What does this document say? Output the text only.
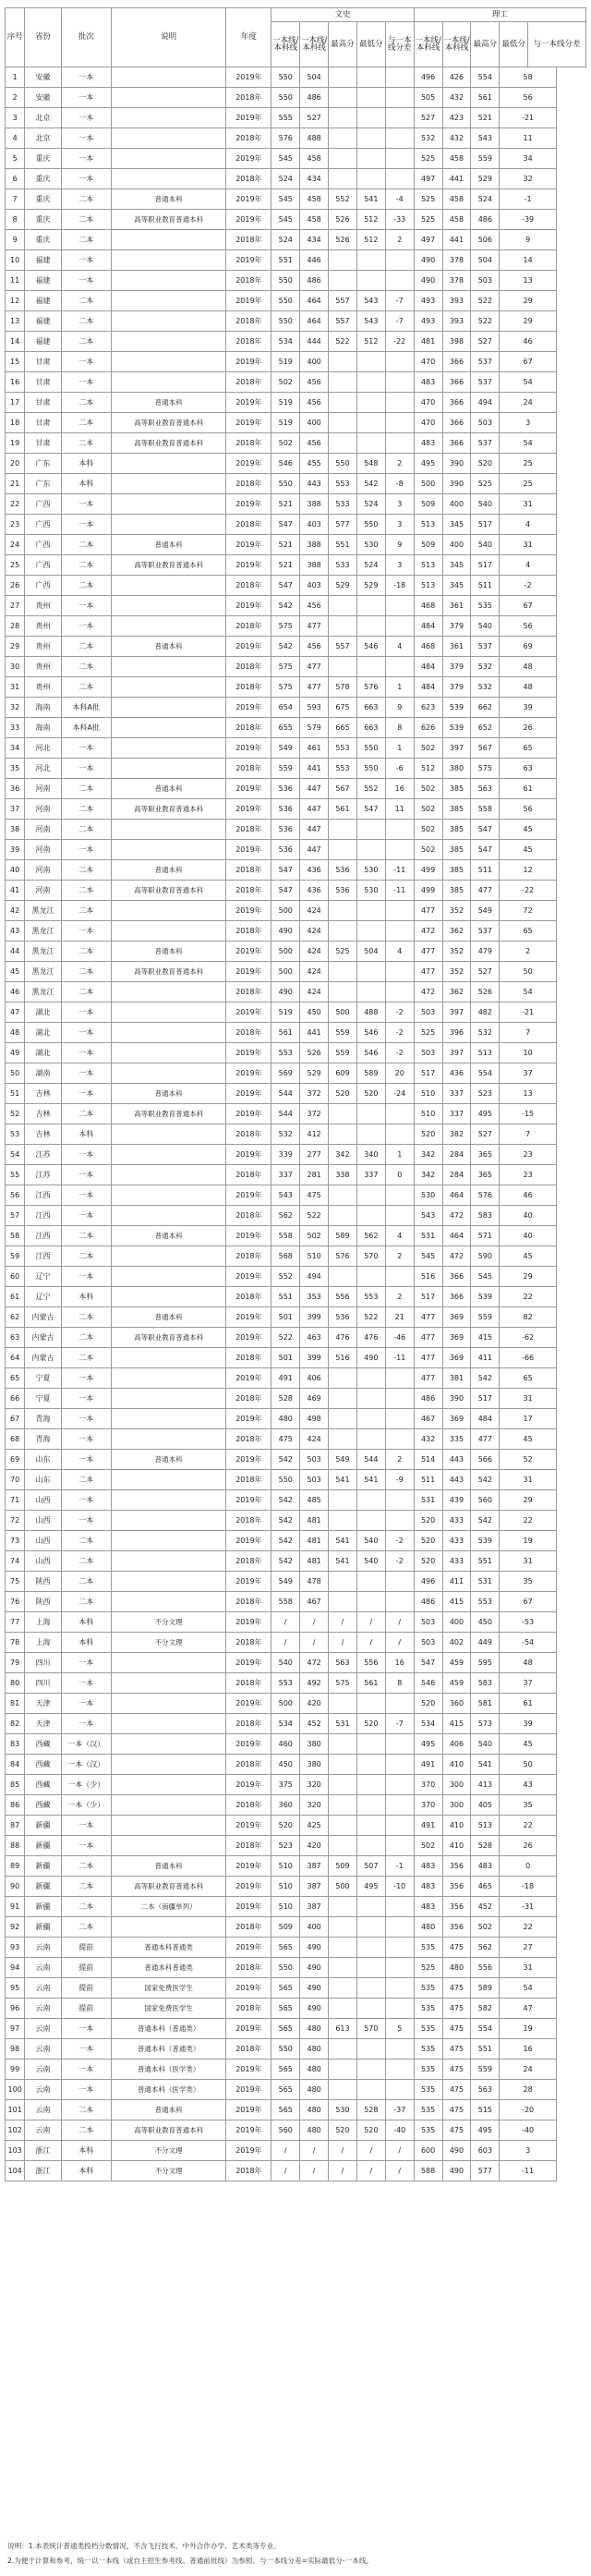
序号	省份	批次	说明	年度	文史					理工				
					一本线/本科线	一本线/本科线	最高分	最低分	与一本线分差	一本线/本科线	一本线/本科线	最高分	最低分	与一本线分差
1	安徽	一本		2019年	550	504				496	426	554	58	
2	安徽	一本		2018年	550	486				505	432	561	56	
3	北京	一本		2019年	555	527				527	423	521	-21	
4	北京	一本		2018年	576	488				532	432	543	11	
5	重庆	一本		2019年	545	458				525	458	559	34	
6	重庆	一本		2018年	524	434				497	441	529	32	
7	重庆	二本	普通本科	2019年	545	458	552	541	-4	525	458	524	-1	
8	重庆	二本	高等职业教育普通本科	2019年	545	458	526	512	-33	525	458	486	-39	
9	重庆	二本		2018年	524	434	526	512	2	497	441	506	9	
10	福建	一本		2019年	551	446				490	378	504	14	
11	福建	一本		2018年	550	486				490	378	503	13	
12	福建	二本		2019年	550	464	557	543	-7	493	393	522	29	
13	福建	二本		2018年	550	464	557	543	-7	493	393	522	29	
14	福建	二本		2018年	534	444	522	512	-22	481	398	527	46	
15	甘肃	一本		2019年	519	400				470	366	537	67	
16	甘肃	一本		2018年	502	456				483	366	537	54	
17	甘肃	二本	普通本科	2019年	519	456				470	366	494	24	
18	甘肃	二本	高等职业教育普通本科	2019年	519	400				470	366	503	3	
19	甘肃	二本	高等职业教育普通本科	2018年	502	456				483	366	537	54	
20	广东	本科		2019年	546	455	550	548	2	495	390	520	25	
21	广东	本科		2018年	550	443	553	542	-8	500	390	525	25	
22	广西	一本		2019年	521	388	533	524	3	509	400	540	31	
23	广西	一本		2018年	547	403	577	550	3	513	345	517	4	
24	广西	二本	普通本科	2019年	521	388	551	530	9	509	400	540	31	
25	广西	二本	高等职业教育普通本科	2019年	521	388	533	524	3	513	345	517	4	
26	广西	二本		2018年	547	403	529	529	-18	513	345	511	-2	
27	贵州	一本		2019年	542	456				468	361	535	67	
28	贵州	一本		2018年	575	477				484	379	540	56	
29	贵州	二本	普通本科	2019年	542	456	557	546	4	468	361	537	69	
30	贵州	二本		2018年	575	477				484	379	532	48	
31	贵州	二本		2018年	575	477	578	576	1	484	379	532	48	
32	海南	本科A批		2019年	654	593	675	663	9	623	539	662	39	
33	海南	本科A批		2018年	655	579	665	663	8	626	539	652	26	
34	河北	一本		2019年	549	461	553	550	1	502	397	567	65	
35	河北	一本		2018年	559	441	553	550	-6	512	380	575	63	
36	河南	二本	普通本科	2019年	536	447	567	552	16	502	385	563	61	
37	河南	二本	高等职业教育普通本科	2019年	536	447	561	547	11	502	385	558	56	
38	河南	二本		2018年	536	447				502	385	547	45	
39	河南	一本		2019年	536	447				502	385	547	45	
40	河南	二本	普通本科	2018年	547	436	536	530	-11	499	385	511	12	
41	河南	二本	高等职业教育普通本科	2018年	547	436	536	530	-11	499	385	477	-22	
42	黑龙江	二本		2019年	500	424				477	352	549	72	
43	黑龙江	一本		2018年	490	424				472	362	537	65	
44	黑龙江	二本	普通本科	2019年	500	424	525	504	4	477	352	479	2	
45	黑龙江	二本	高等职业教育普通本科	2019年	500	424				477	352	527	50	
46	黑龙江	二本		2018年	490	424				472	362	526	54	
47	湖北	一本		2019年	519	450	500	488	-2	503	397	482	-21	
48	湖北	一本		2018年	561	441	559	546	-2	525	396	532	7	
49	湖北	一本		2019年	553	526	559	546	-2	503	397	513	10	
50	湖南	一本		2019年	569	529	609	589	20	517	436	554	37	
51	吉林	一本	普通本科	2019年	544	372	520	520	-24	510	337	523	13	
52	吉林	二本	高等职业教育普通本科	2019年	544	372				510	337	495	-15	
53	吉林	本科		2018年	532	412				520	382	527	7	
54	江苏	一本		2019年	339	277	342	340	1	342	284	365	23	
55	江苏	一本		2018年	337	281	338	337	0	342	284	365	23	
56	江西	一本		2019年	543	475				530	464	576	46	
57	江西	一本		2018年	562	522				543	472	583	40	
58	江西	二本	普通本科	2019年	558	502	589	562	4	531	464	571	40	
59	江西	二本		2018年	568	510	576	570	2	545	472	590	45	
60	辽宁	一本		2019年	552	494				516	366	545	29	
61	辽宁	本科		2018年	551	353	556	553	2	517	366	539	22	
62	内蒙古	二本	普通本科	2019年	501	399	536	522	21	477	369	559	82	
63	内蒙古	二本	高等职业教育普通本科	2019年	522	463	476	476	-46	477	369	415	-62	
64	内蒙古	二本		2018年	501	399	516	490	-11	477	369	411	-66	
65	宁夏	一本		2019年	491	406				477	381	542	65	
66	宁夏	一本		2018年	528	469				486	390	517	31	
67	青海	一本		2019年	480	498				467	369	484	17	
68	青海	一本		2018年	475	424				432	335	477	45	
69	山东	一本	普通本科	2019年	542	503	549	544	2	514	443	566	52	
70	山东	二本		2018年	550	503	541	541	-9	511	443	542	31	
71	山西	一本		2019年	542	485				531	439	560	29	
72	山西	一本		2018年	542	481				520	433	542	22	
73	山西	二本		2019年	542	481	541	540	-2	520	433	539	19	
74	山西	二本		2018年	542	481	541	540	-2	520	433	551	31	
75	陕西	二本		2019年	549	478				496	411	531	35	
76	陕西	二本		2018年	558	467				486	415	553	67	
77	上海	本科	不分文理	2019年	/	/	/	/	/	503	400	450	-53	
78	上海	本科	不分文理	2018年	/	/	/	/	/	503	402	449	-54	
79	四川	一本		2019年	540	472	563	556	16	547	459	595	48	
80	四川	一本		2018年	553	492	575	561	8	546	459	583	37	
81	天津	一本		2019年	500	420				520	360	581	61	
82	天津	一本		2018年	534	452	531	520	-7	534	415	573	39	
83	西藏	一本（汉）		2019年	460	380				495	406	540	45	
84	西藏	一本（汉）		2018年	450	380				491	410	541	50	
85	西藏	一本（少）		2019年	375	320				370	300	413	43	
86	西藏	一本（少）		2018年	360	320				370	300	405	35	
87	新疆	一本		2019年	520	425				491	410	513	22	
88	新疆	一本		2018年	523	420				502	410	528	26	
89	新疆	二本	普通本科	2019年	510	387	509	507	-1	483	356	483	0	
90	新疆	二本	高等职业教育普通本科	2019年	510	387	500	495	-10	483	356	465	-18	
91	新疆	二本	二本（南疆单列）	2019年	510	387				483	356	452	-31	
92	新疆	二本		2018年	509	400				480	356	502	22	
93	云南	提前	普通本科普通类	2019年	565	490				535	475	562	27	
94	云南	提前	普通本科普通类	2018年	550	490				525	480	556	31	
95	云南	提前	国家免费医学生	2019年	565	490				535	475	589	54	
96	云南	提前	国家免费医学生	2018年	565	490				535	475	582	47	
97	云南	一本	普通本科（普通类）	2019年	565	480	613	570	5	535	475	554	19	
98	云南	一本	普通本科（普通类）	2018年	550	480				535	475	551	16	
99	云南	一本	普通本科（医学类）	2019年	565	480				535	475	559	24	
100	云南	一本	普通本科（医学类）	2019年	565	480				535	475	563	28	
101	云南	二本	普通本科	2019年	565	480	530	528	-37	535	475	515	-20	
102	云南	二本	高等职业教育普通本科	2019年	560	480	520	520	-40	535	475	495	-40	
103	浙江	本科	不分文理	2019年	/	/	/	/	/	600	490	603	3	
104	浙江	本科	不分文理	2018年	/	/	/	/	/	588	490	577	-11	
说明：1.本表统计普通类投档分数情况，不含飞行技术、中外合作办学、艺术类等专业。
2.为便于计算和参考，统一以一本线（或自主招生参考线、普通前批线）为参照。与一本线分差=实际最低分-一本线。
